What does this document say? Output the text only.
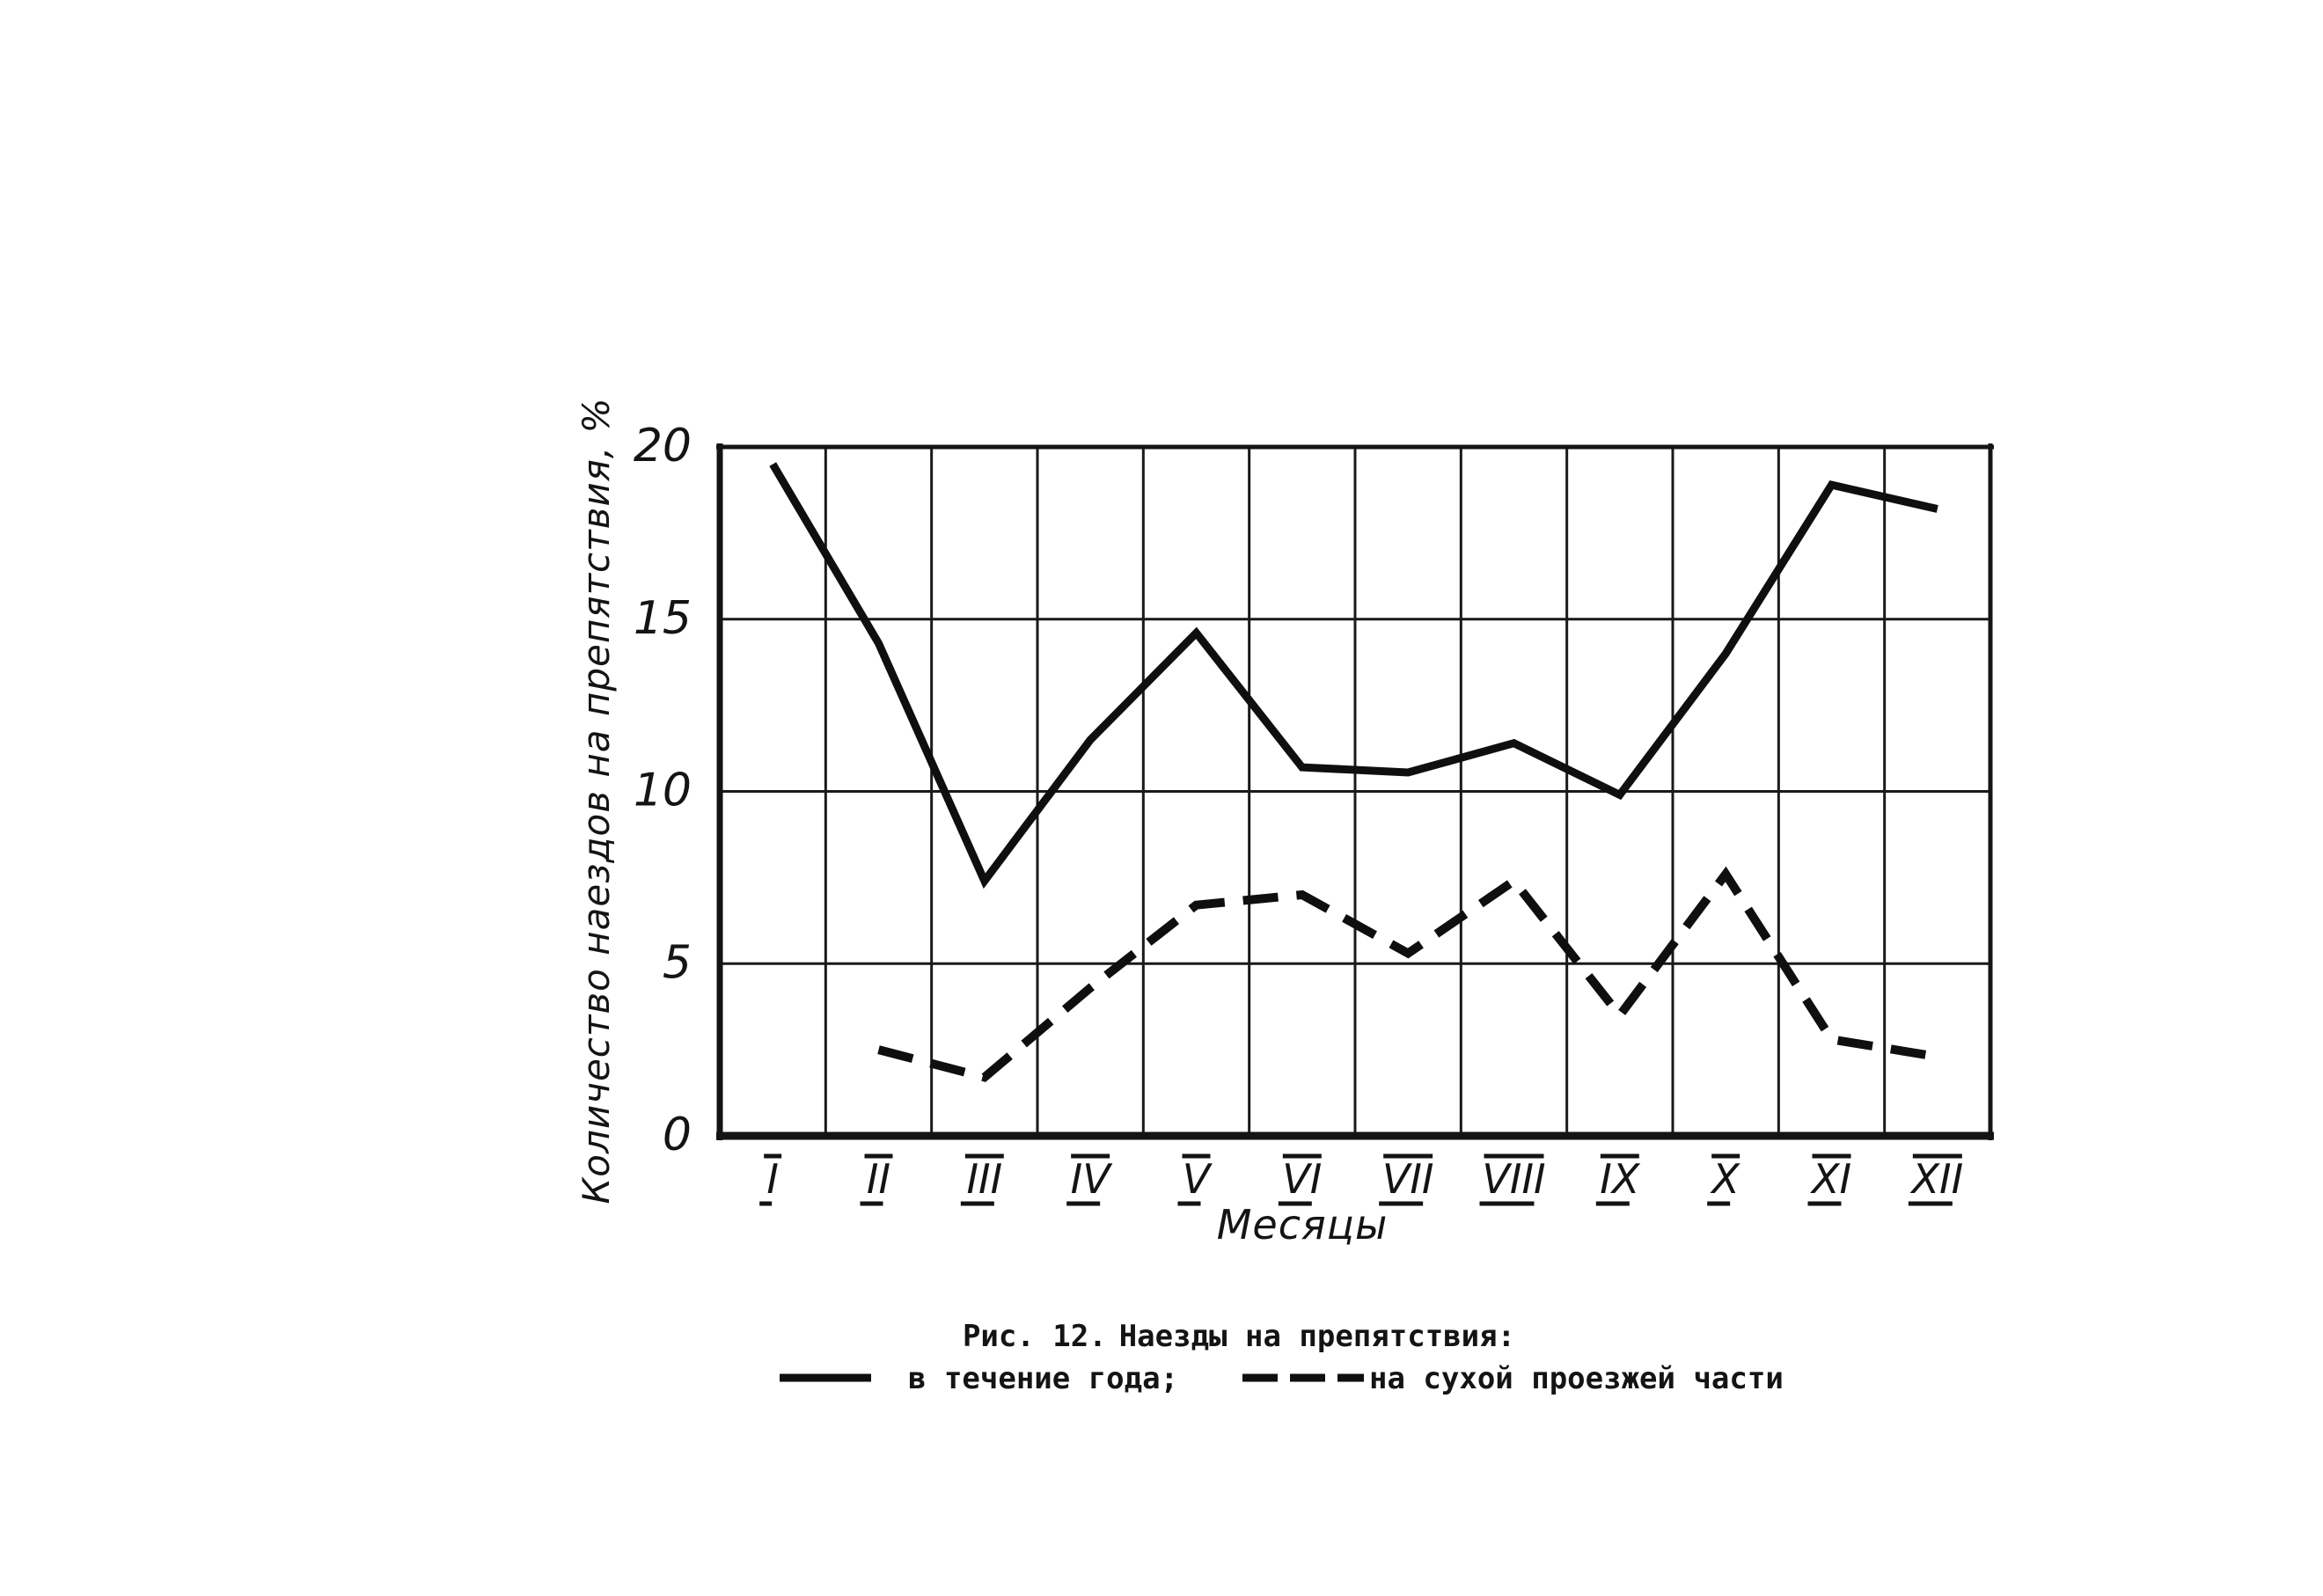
0
5
10
15
20
I II III IV V VI VII VIII IX X XI XII
Количество наездов на препятствия, %
Месяцы
Рис. 12. Наезды на препятствия:
в течение года;	на сухой проезжей части
